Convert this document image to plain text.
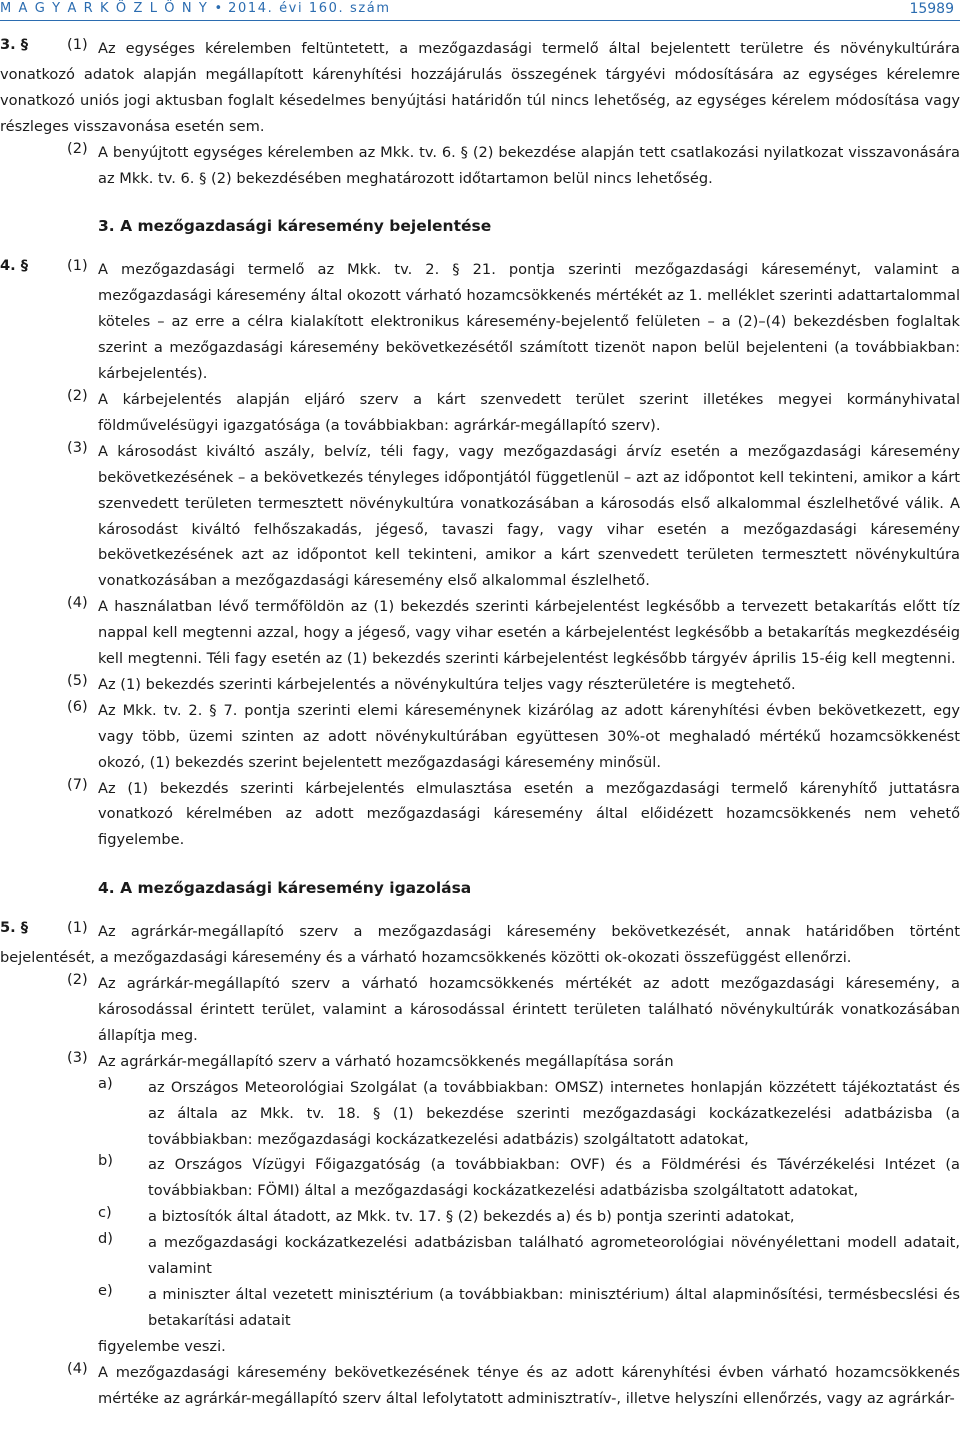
M A G Y A R K Ö Z L Ö N Y • 2014. évi 160. szám	15989
3. §	(1) Az egységes kérelemben feltüntetett, a mezőgazdasági termelő által bejelentett területre és növénykultúrára vonatkozó adatok alapján megállapított kárenyhítési hozzájárulás összegének tárgyévi módosítására az egységes kérelemre vonatkozó uniós jogi aktusban foglalt késedelmes benyújtási határidőn túl nincs lehetőség, az egységes kérelem módosítása vagy részleges visszavonása esetén sem.
(2) A benyújtott egységes kérelemben az Mkk. tv. 6. § (2) bekezdése alapján tett csatlakozási nyilatkozat visszavonására az Mkk. tv. 6. § (2) bekezdésében meghatározott időtartamon belül nincs lehetőség.
3. A mezőgazdasági káresemény bejelentése
4. §	(1) A mezőgazdasági termelő az Mkk. tv. 2. § 21. pontja szerinti mezőgazdasági káreseményt, valamint a mezőgazdasági káresemény által okozott várható hozamcsökkenés mértékét az 1. melléklet szerinti adattartalommal köteles – az erre a célra kialakított elektronikus káresemény-bejelentő felületen – a (2)–(4) bekezdésben foglaltak szerint a mezőgazdasági káresemény bekövetkezésétől számított tizenöt napon belül bejelenteni (a továbbiakban: kárbejelentés).
(2) A kárbejelentés alapján eljáró szerv a kárt szenvedett terület szerint illetékes megyei kormányhivatal földművelésügyi igazgatósága (a továbbiakban: agrárkár-megállapító szerv).
(3) A károsodást kiváltó aszály, belvíz, téli fagy, vagy mezőgazdasági árvíz esetén a mezőgazdasági káresemény bekövetkezésének – a bekövetkezés tényleges időpontjától függetlenül – azt az időpontot kell tekinteni, amikor a kárt szenvedett területen termesztett növénykultúra vonatkozásában a károsodás első alkalommal észlelhetővé válik. A károsodást kiváltó felhőszakadás, jégeső, tavaszi fagy, vagy vihar esetén a mezőgazdasági káresemény bekövetkezésének azt az időpontot kell tekinteni, amikor a kárt szenvedett területen termesztett növénykultúra vonatkozásában a mezőgazdasági káresemény első alkalommal észlelhető.
(4) A használatban lévő termőföldön az (1) bekezdés szerinti kárbejelentést legkésőbb a tervezett betakarítás előtt tíz nappal kell megtenni azzal, hogy a jégeső, vagy vihar esetén a kárbejelentést legkésőbb a betakarítás megkezdéséig kell megtenni. Téli fagy esetén az (1) bekezdés szerinti kárbejelentést legkésőbb tárgyév április 15-éig kell megtenni.
(5) Az (1) bekezdés szerinti kárbejelentés a növénykultúra teljes vagy részterületére is megtehető.
(6) Az Mkk. tv. 2. § 7. pontja szerinti elemi káreseménynek kizárólag az adott kárenyhítési évben bekövetkezett, egy vagy több, üzemi szinten az adott növénykultúrában együttesen 30%-ot meghaladó mértékű hozamcsökkenést okozó, (1) bekezdés szerint bejelentett mezőgazdasági káresemény minősül.
(7) Az (1) bekezdés szerinti kárbejelentés elmulasztása esetén a mezőgazdasági termelő kárenyhítő juttatásra vonatkozó kérelmében az adott mezőgazdasági káresemény által előidézett hozamcsökkenés nem vehető figyelembe.
4. A mezőgazdasági káresemény igazolása
5. §	(1) Az agrárkár-megállapító szerv a mezőgazdasági káresemény bekövetkezését, annak határidőben történt bejelentését, a mezőgazdasági káresemény és a várható hozamcsökkenés közötti ok-okozati összefüggést ellenőrzi.
(2) Az agrárkár-megállapító szerv a várható hozamcsökkenés mértékét az adott mezőgazdasági káresemény, a károsodással érintett terület, valamint a károsodással érintett területen található növénykultúrák vonatkozásában állapítja meg.
(3) Az agrárkár-megállapító szerv a várható hozamcsökkenés megállapítása során
a)	az Országos Meteorológiai Szolgálat (a továbbiakban: OMSZ) internetes honlapján közzétett tájékoztatást és az általa az Mkk. tv. 18. § (1) bekezdése szerinti mezőgazdasági kockázatkezelési adatbázisba (a továbbiakban: mezőgazdasági kockázatkezelési adatbázis) szolgáltatott adatokat,
b)	az Országos Vízügyi Főigazgatóság (a továbbiakban: OVF) és a Földmérési és Távérzékelési Intézet (a továbbiakban: FÖMI) által a mezőgazdasági kockázatkezelési adatbázisba szolgáltatott adatokat,
c)	a biztosítók által átadott, az Mkk. tv. 17. § (2) bekezdés a) és b) pontja szerinti adatokat,
d)	a mezőgazdasági kockázatkezelési adatbázisban található agrometeorológiai növényélettani modell adatait, valamint
e)	a miniszter által vezetett minisztérium (a továbbiakban: minisztérium) által alapminősítési, termésbecslési és betakarítási adatait
figyelembe veszi.
(4) A mezőgazdasági káresemény bekövetkezésének ténye és az adott kárenyhítési évben várható hozamcsökkenés mértéke az agrárkár-megállapító szerv által lefolytatott adminisztratív-, illetve helyszíni ellenőrzés, vagy az agrárkár-
